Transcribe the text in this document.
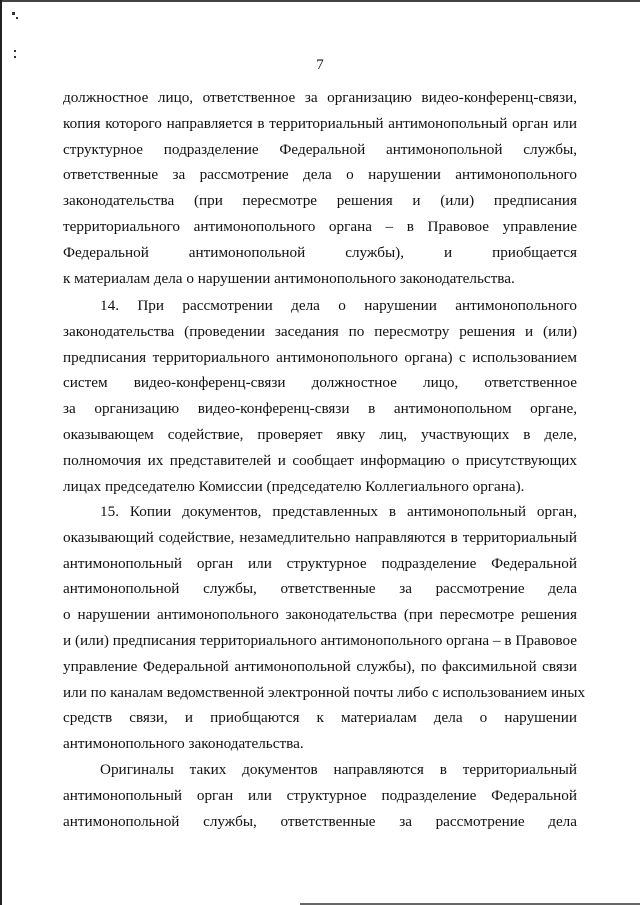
7
должностное лицо, ответственное за организацию видео-конференц-связи,
копия которого направляется в территориальный антимонопольный орган или
структурное подразделение Федеральной антимонопольной службы,
ответственные за рассмотрение дела о нарушении антимонопольного
законодательства (при пересмотре решения и (или) предписания
территориального антимонопольного органа – в Правовое управление
Федеральной антимонопольной службы), и приобщается
к материалам дела о нарушении антимонопольного законодательства.
14. При рассмотрении дела о нарушении антимонопольного
законодательства (проведении заседания по пересмотру решения и (или)
предписания территориального антимонопольного органа) с использованием
систем видео-конференц-связи должностное лицо, ответственное
за организацию видео-конференц-связи в антимонопольном органе,
оказывающем содействие, проверяет явку лиц, участвующих в деле,
полномочия их представителей и сообщает информацию о присутствующих
лицах председателю Комиссии (председателю Коллегиального органа).
15. Копии документов, представленных в антимонопольный орган,
оказывающий содействие, незамедлительно направляются в территориальный
антимонопольный орган или структурное подразделение Федеральной
антимонопольной службы, ответственные за рассмотрение дела
о нарушении антимонопольного законодательства (при пересмотре решения
и (или) предписания территориального антимонопольного органа – в Правовое
управление Федеральной антимонопольной службы), по факсимильной связи
или по каналам ведомственной электронной почты либо с использованием иных
средств связи, и приобщаются к материалам дела о нарушении
антимонопольного законодательства.
Оригиналы таких документов направляются в территориальный
антимонопольный орган или структурное подразделение Федеральной
антимонопольной службы, ответственные за рассмотрение дела
